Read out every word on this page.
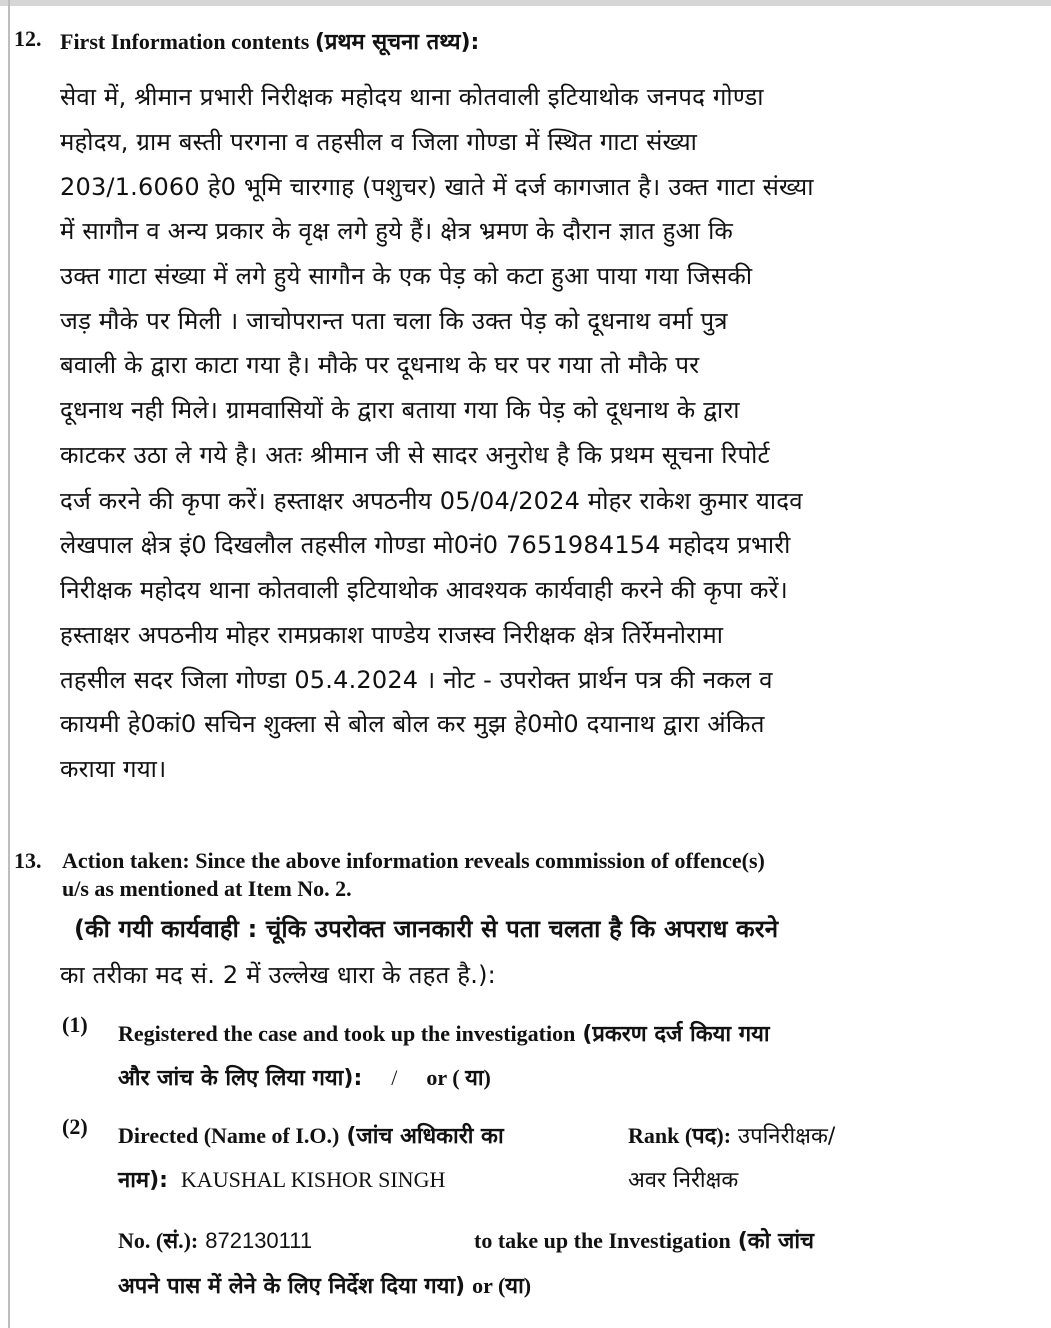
12. First Information contents (प्रथम सूचना तथ्य):
सेवा में, श्रीमान प्रभारी निरीक्षक महोदय थाना कोतवाली इटियाथोक जनपद गोण्डा
महोदय, ग्राम बस्ती परगना व तहसील व जिला गोण्डा में स्थित गाटा संख्या
203/1.6060 हे0 भूमि चारगाह (पशुचर) खाते में दर्ज कागजात है। उक्त गाटा संख्या
में सागौन व अन्य प्रकार के वृक्ष लगे हुये हैं। क्षेत्र भ्रमण के दौरान ज्ञात हुआ कि
उक्त गाटा संख्या में लगे हुये सागौन के एक पेड़ को कटा हुआ पाया गया जिसकी
जड़ मौके पर मिली । जाचोपरान्त पता चला कि उक्त पेड़ को दूधनाथ वर्मा पुत्र
बवाली के द्वारा काटा गया है। मौके पर दूधनाथ के घर पर गया तो मौके पर
दूधनाथ नही मिले। ग्रामवासियों के द्वारा बताया गया कि पेड़ को दूधनाथ के द्वारा
काटकर उठा ले गये है। अतः श्रीमान जी से सादर अनुरोध है कि प्रथम सूचना रिपोर्ट
दर्ज करने की कृपा करें। हस्ताक्षर अपठनीय 05/04/2024 मोहर राकेश कुमार यादव
लेखपाल क्षेत्र इं0 दिखलौल तहसील गोण्डा मो0नं0 7651984154 महोदय प्रभारी
निरीक्षक महोदय थाना कोतवाली इटियाथोक आवश्यक कार्यवाही करने की कृपा करें।
हस्ताक्षर अपठनीय मोहर रामप्रकाश पाण्डेय राजस्व निरीक्षक क्षेत्र तिर्रेमनोरामा
तहसील सदर जिला गोण्डा 05.4.2024 । नोट - उपरोक्त प्रार्थन पत्र की नकल व
कायमी हे0कां0 सचिन शुक्ला से बोल बोल कर मुझ हे0मो0 दयानाथ द्वारा अंकित
कराया गया।
13. Action taken: Since the above information reveals commission of offence(s)
u/s as mentioned at Item No. 2.
(की गयी कार्यवाही : चूंकि उपरोक्त जानकारी से पता चलता है कि अपराध करने
का तरीका मद सं. 2 में उल्लेख धारा के तहत है.):
(1) Registered the case and took up the investigation (प्रकरण दर्ज किया गया
और जांच के लिए लिया गया): / or ( या)
(2) Directed (Name of I.O.) (जांच अधिकारी का
नाम): KAUSHAL KISHOR SINGH
Rank (पद): उपनिरीक्षक/
अवर निरीक्षक
No. (सं.): 872130111	to take up the Investigation (को जांच
अपने पास में लेने के लिए निर्देश दिया गया) or (या)
